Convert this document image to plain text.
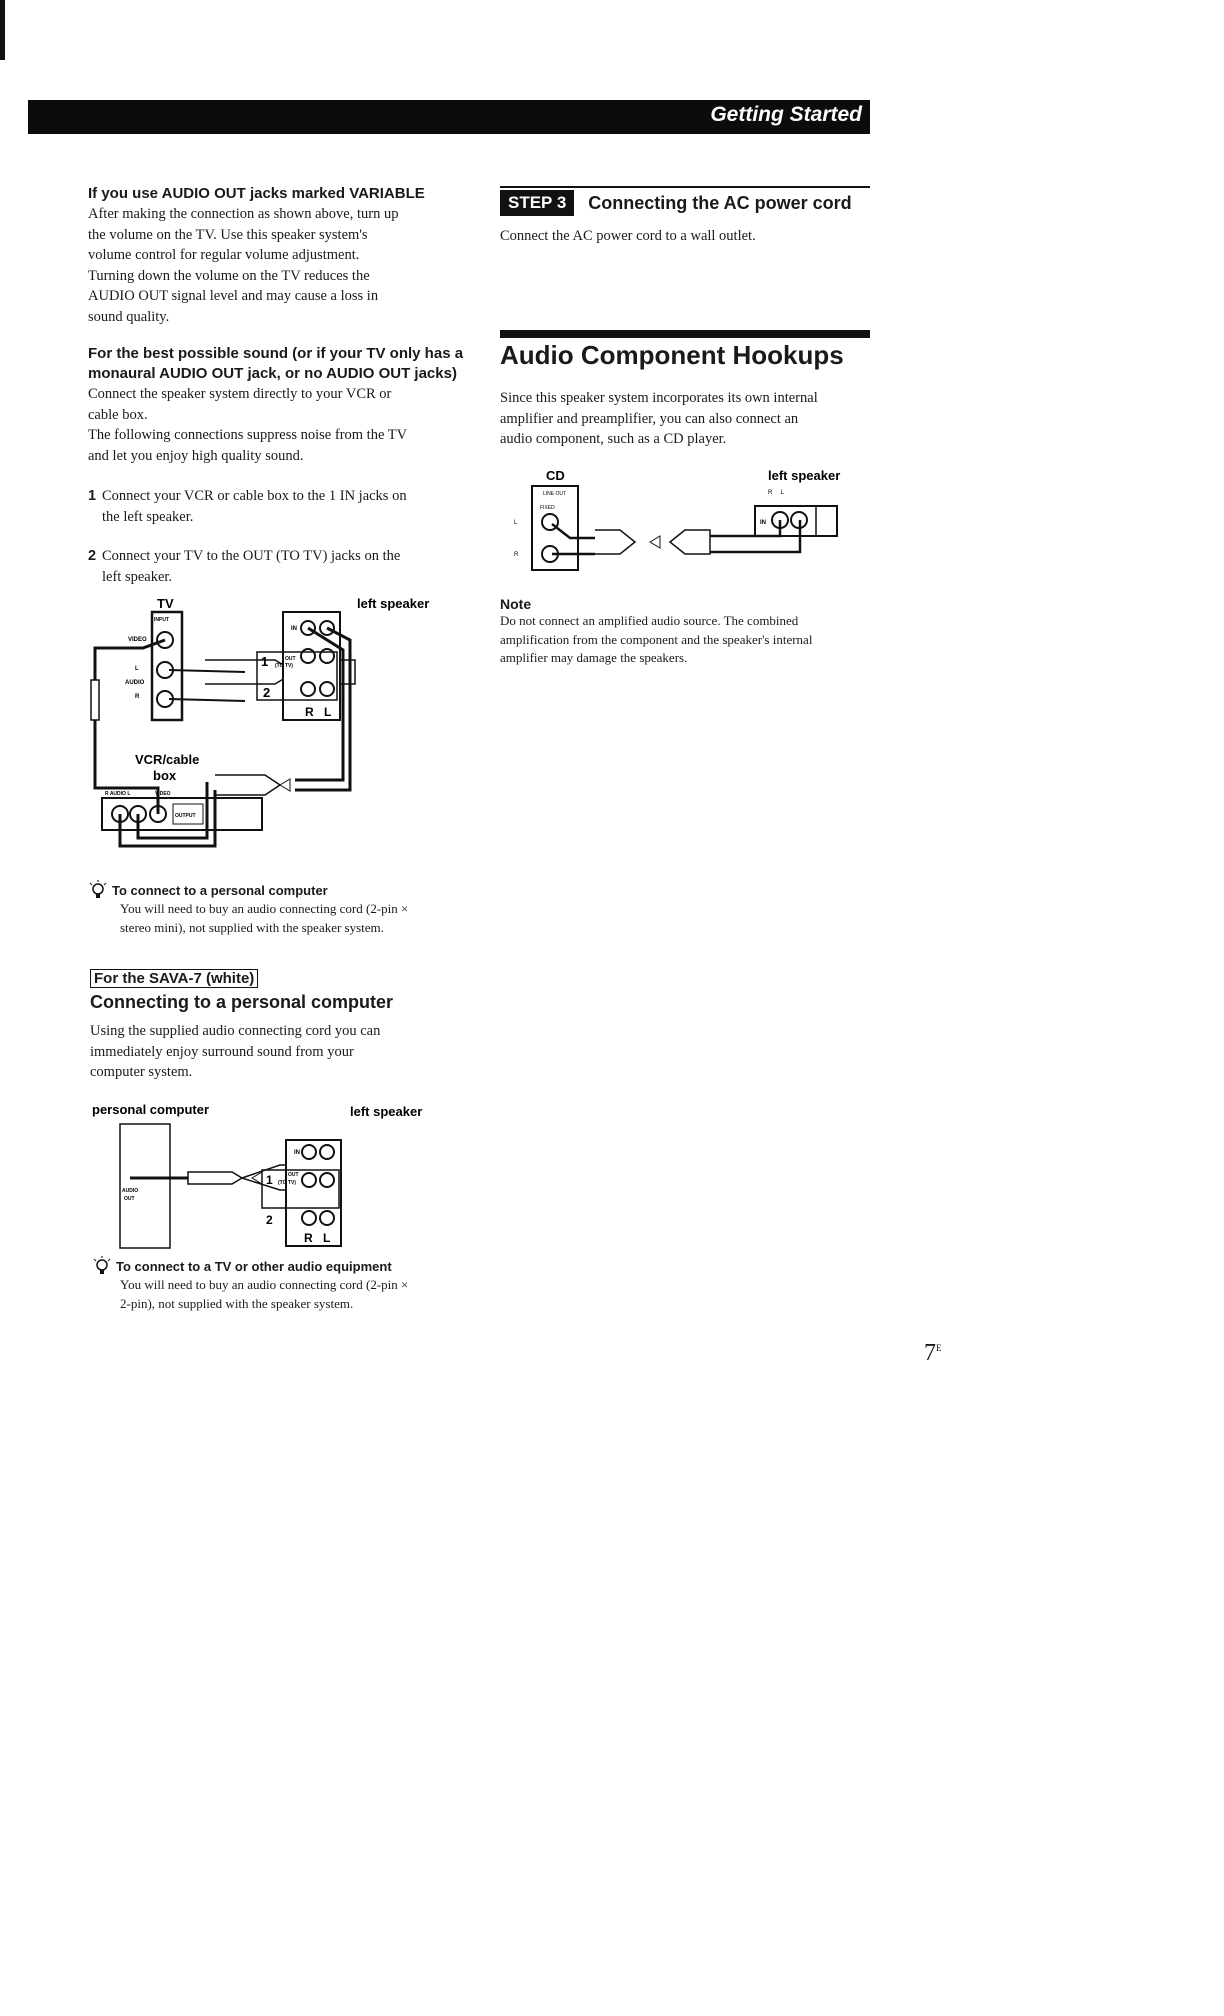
Getting Started
If you use AUDIO OUT jacks marked VARIABLE
After making the connection as shown above, turn up
the volume on the TV. Use this speaker system's
volume control for regular volume adjustment.
Turning down the volume on the TV reduces the
AUDIO OUT signal level and may cause a loss in
sound quality.
For the best possible sound (or if your TV only has a
monaural AUDIO OUT jack, or no AUDIO OUT jacks)
Connect the speaker system directly to your VCR or
cable box.
The following connections suppress noise from the TV
and let you enjoy high quality sound.
1 Connect your VCR or cable box to the 1 IN jacks on
the left speaker.
2 Connect your TV to the OUT (TO TV) jacks on the
left speaker.
TV	left speaker
INPUT
VIDEO
L
AUDIO
R
IN
1	OUT
(TO TV)
2
R L
VCR/cable
box
R AUDIO L	VIDEO
OUTPUT
To connect to a personal computer
You will need to buy an audio connecting cord (2-pin ×
stereo mini), not supplied with the speaker system.
For the SAVA-7 (white)
Connecting to a personal computer
Using the supplied audio connecting cord you can
immediately enjoy surround sound from your
computer system.
personal computer	left speaker
AUDIO
OUT
IN
1	OUT
(TO TV)
2
R L
To connect to a TV or other audio equipment
You will need to buy an audio connecting cord (2-pin ×
2-pin), not supplied with the speaker system.
STEP 3	Connecting the AC power cord
Connect the AC power cord to a wall outlet.
Audio Component Hookups
Since this speaker system incorporates its own internal
amplifier and preamplifier, you can also connect an
audio component, such as a CD player.
CD	left speaker
LINE OUT
FIXED
L
R
R     L
IN
Note
Do not connect an amplified audio source. The combined
amplification from the component and the speaker's internal
amplifier may damage the speakers.
$7^E$
